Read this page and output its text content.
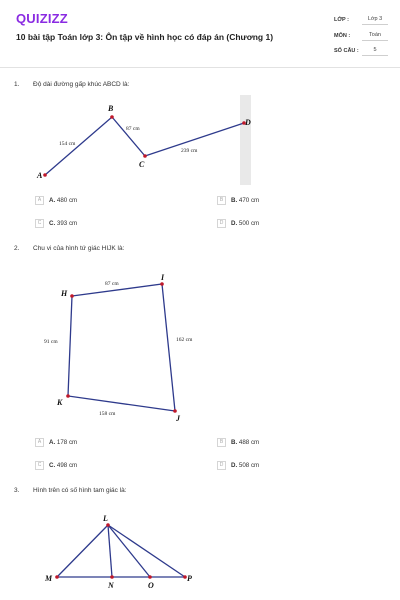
QUIZIZZ
10 bài tập Toán lớp 3: Ôn tập về hình học có đáp án (Chương 1)
LỚP :	Lớp 3
MÔN :	Toán
SỐ CÂU :	5
1. Độ dài đường gấp khúc ABCD là:
A
B
C
D
154 cm
87 cm
239 cm
A	A. 480 cm	B	B. 470 cm
C	C. 393 cm	D	D. 500 cm
2. Chu vi của hình tứ giác HIJK là:
H
I
J
K
87 cm
162 cm
158 cm
91 cm
A	A. 178 cm	B	B. 488 cm
C	C. 498 cm	D	D. 508 cm
3. Hình trên có số hình tam giác là:
L
M
N	O
P
